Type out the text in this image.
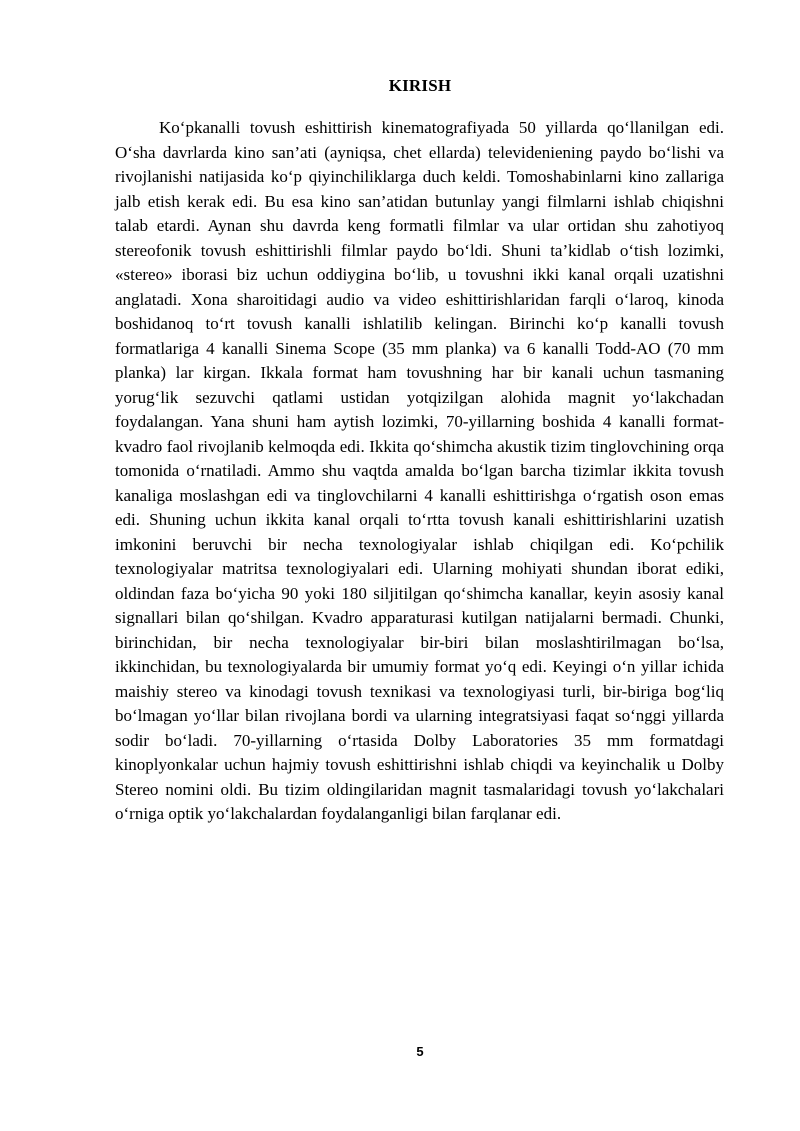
KIRISH

Ko‘pkanalli tovush eshittirish kinematografiyada 50 yillarda qo‘llanilgan edi. O‘sha davrlarda kino san’ati (ayniqsa, chet ellarda) televideniening paydo bo‘lishi va rivojlanishi natijasida ko‘p qiyinchiliklarga duch keldi. Tomoshabinlarni kino zallariga jalb etish kerak edi. Bu esa kino san’atidan butunlay yangi filmlarni ishlab chiqishni talab etardi. Aynan shu davrda keng formatli filmlar va ular ortidan shu zahotiyoq stereofonik tovush eshittirishli filmlar paydo bo‘ldi. Shuni ta’kidlab o‘tish lozimki, «stereo» iborasi biz uchun oddiygina bo‘lib, u tovushni ikki kanal orqali uzatishni anglatadi. Xona sharoitidagi audio va video eshittirishlaridan farqli o‘laroq, kinoda boshidanoq to‘rt tovush kanalli ishlatilib kelingan. Birinchi ko‘p kanalli tovush formatlariga 4 kanalli Sinema Scope (35 mm planka) va 6 kanalli Todd-AO (70 mm planka) lar kirgan. Ikkala format ham tovushning har bir kanali uchun tasmaning yorug‘lik sezuvchi qatlami ustidan yotqizilgan alohida magnit yo‘lakchadan foydalangan. Yana shuni ham aytish lozimki, 70-yillarning boshida 4 kanalli format-kvadro faol rivojlanib kelmoqda edi. Ikkita qo‘shimcha akustik tizim tinglovchining orqa tomonida o‘rnatiladi. Ammo shu vaqtda amalda bo‘lgan barcha tizimlar ikkita tovush kanaliga moslashgan edi va tinglovchilarni 4 kanalli eshittirishga o‘rgatish oson emas edi. Shuning uchun ikkita kanal orqali to‘rtta tovush kanali eshittirishlarini uzatish imkonini beruvchi bir necha texnologiyalar ishlab chiqilgan edi. Ko‘pchilik texnologiyalar matritsa texnologiyalari edi. Ularning mohiyati shundan iborat ediki, oldindan faza bo‘yicha 90 yoki 180 siljitilgan qo‘shimcha kanallar, keyin asosiy kanal signallari bilan qo‘shilgan. Kvadro apparaturasi kutilgan natijalarni bermadi. Chunki, birinchidan, bir necha texnologiyalar bir-biri bilan moslashtirilmagan bo‘lsa, ikkinchidan, bu texnologiyalarda bir umumiy format yo‘q edi. Keyingi o‘n yillar ichida maishiy stereo va kinodagi tovush texnikasi va texnologiyasi turli, bir-biriga bog‘liq bo‘lmagan yo‘llar bilan rivojlana bordi va ularning integratsiyasi faqat so‘nggi yillarda sodir bo‘ladi. 70-yillarning o‘rtasida Dolby Laboratories 35 mm formatdagi kinoplyonkalar uchun hajmiy tovush eshittirishni ishlab chiqdi va keyinchalik u Dolby Stereo nomini oldi. Bu tizim oldingilaridan magnit tasmalaridagi tovush yo‘lakchalari o‘rniga optik yo‘lakchalardan foydalanganligi bilan farqlanar edi.

5
